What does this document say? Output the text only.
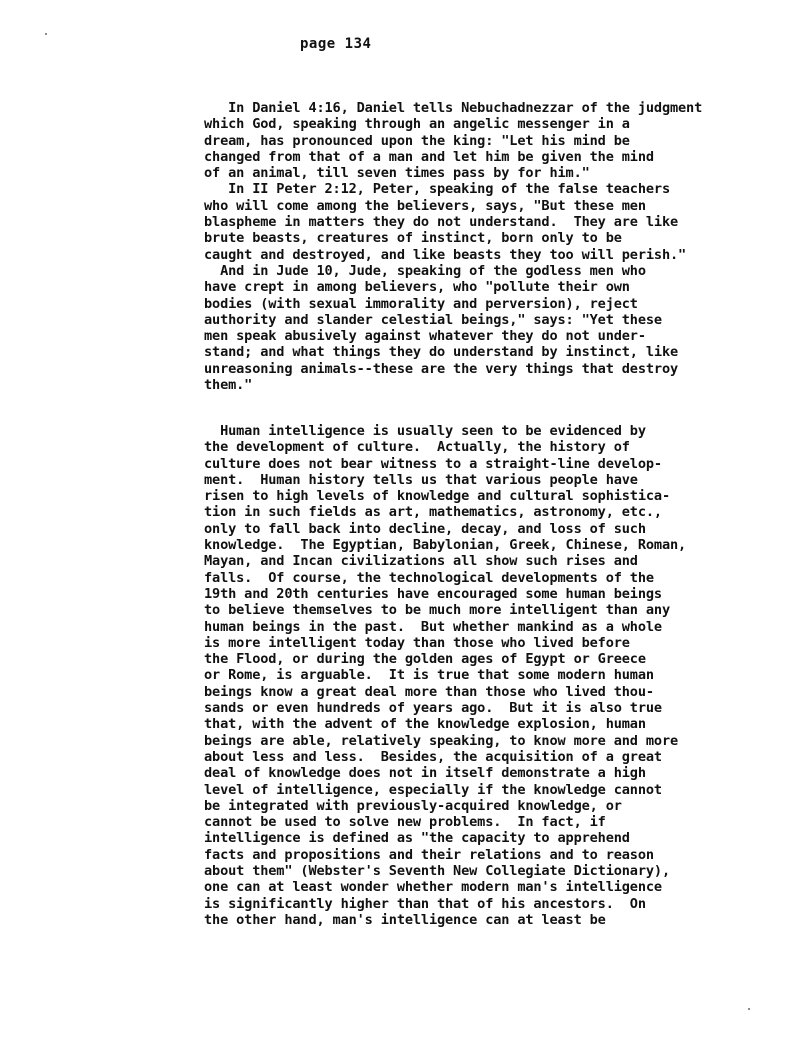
page 134
In Daniel 4:16, Daniel tells Nebuchadnezzar of the judgment
which God, speaking through an angelic messenger in a
dream, has pronounced upon the king: "Let his mind be
changed from that of a man and let him be given the mind
of an animal, till seven times pass by for him."
In II Peter 2:12, Peter, speaking of the false teachers
who will come among the believers, says, "But these men
blaspheme in matters they do not understand.  They are like
brute beasts, creatures of instinct, born only to be
caught and destroyed, and like beasts they too will perish."
And in Jude 10, Jude, speaking of the godless men who
have crept in among believers, who "pollute their own
bodies (with sexual immorality and perversion), reject
authority and slander celestial beings," says: "Yet these
men speak abusively against whatever they do not under-
stand; and what things they do understand by instinct, like
unreasoning animals--these are the very things that destroy
them."
Human intelligence is usually seen to be evidenced by
the development of culture.  Actually, the history of
culture does not bear witness to a straight-line develop-
ment.  Human history tells us that various people have
risen to high levels of knowledge and cultural sophistica-
tion in such fields as art, mathematics, astronomy, etc.,
only to fall back into decline, decay, and loss of such
knowledge.  The Egyptian, Babylonian, Greek, Chinese, Roman,
Mayan, and Incan civilizations all show such rises and
falls.  Of course, the technological developments of the
19th and 20th centuries have encouraged some human beings
to believe themselves to be much more intelligent than any
human beings in the past.  But whether mankind as a whole
is more intelligent today than those who lived before
the Flood, or during the golden ages of Egypt or Greece
or Rome, is arguable.  It is true that some modern human
beings know a great deal more than those who lived thou-
sands or even hundreds of years ago.  But it is also true
that, with the advent of the knowledge explosion, human
beings are able, relatively speaking, to know more and more
about less and less.  Besides, the acquisition of a great
deal of knowledge does not in itself demonstrate a high
level of intelligence, especially if the knowledge cannot
be integrated with previously-acquired knowledge, or
cannot be used to solve new problems.  In fact, if
intelligence is defined as "the capacity to apprehend
facts and propositions and their relations and to reason
about them" (Webster's Seventh New Collegiate Dictionary),
one can at least wonder whether modern man's intelligence
is significantly higher than that of his ancestors.  On
the other hand, man's intelligence can at least be
